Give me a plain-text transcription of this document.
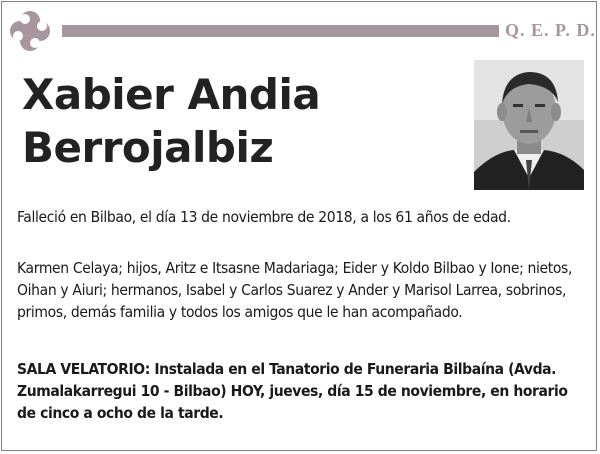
Q. E. P. D.
Xabier Andia
Berrojalbiz
Falleció en Bilbao, el día 13 de noviembre de 2018, a los 61 años de edad.
Karmen Celaya; hijos, Aritz e Itsasne Madariaga; Eider y Koldo Bilbao y Ione; nietos, Oihan y Aiuri; hermanos, Isabel y Carlos Suarez y Ander y Marisol Larrea, sobrinos, primos, demás familia y todos los amigos que le han acompañado.
SALA VELATORIO: Instalada en el Tanatorio de Funeraria Bilbaína (Avda. Zumalakarregui 10 - Bilbao) HOY, jueves, día 15 de noviembre, en horario de cinco a ocho de la tarde.
